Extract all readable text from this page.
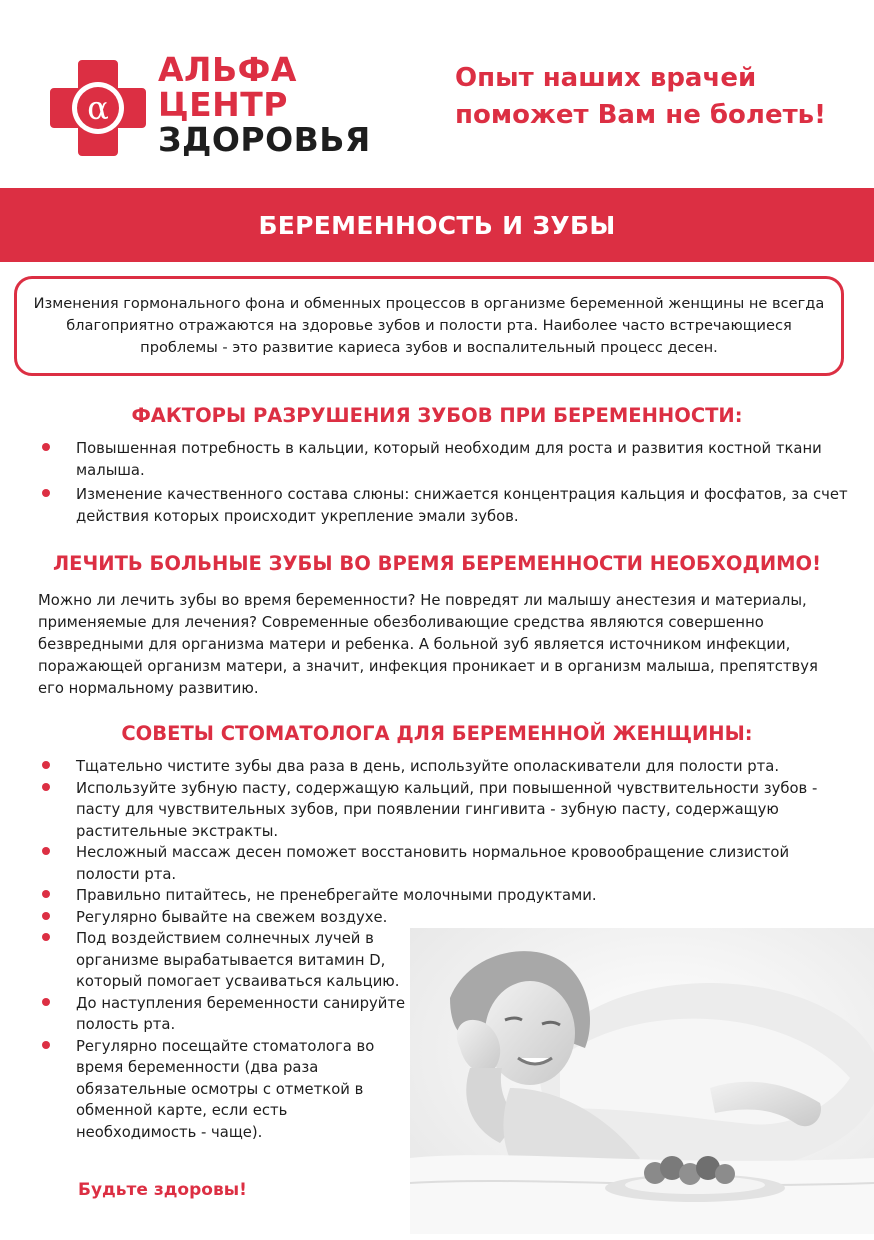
α
АЛЬФА
ЦЕНТР
ЗДОРОВЬЯ
Опыт наших врачей
поможет Вам не болеть!
БЕРЕМЕННОСТЬ И ЗУБЫ

Изменения гормонального фона и обменных процессов в организме беременной женщины не всегда благоприятно отражаются на здоровье зубов и полости рта. Наиболее часто встречающиеся проблемы - это развитие кариеса зубов и воспалительный процесс десен.

ФАКТОРЫ РАЗРУШЕНИЯ ЗУБОВ ПРИ БЕРЕМЕННОСТИ:
Повышенная потребность в кальции, который необходим для роста и развития костной ткани малыша.
Изменение качественного состава слюны: снижается концентрация кальция и фосфатов, за счет действия которых происходит укрепление эмали зубов.
ЛЕЧИТЬ БОЛЬНЫЕ ЗУБЫ ВО ВРЕМЯ БЕРЕМЕННОСТИ НЕОБХОДИМО!

Можно ли лечить зубы во время беременности? Не повредят ли малышу анестезия и материалы, применяемые для лечения? Современные обезболивающие средства являются совершенно безвредными для организма матери и ребенка. А больной зуб является источником инфекции, поражающей организм матери, а значит, инфекция проникает и в организм малыша, препятствуя его нормальному развитию.

СОВЕТЫ СТОМАТОЛОГА ДЛЯ БЕРЕМЕННОЙ ЖЕНЩИНЫ:
Тщательно чистите зубы два раза в день, используйте ополаскиватели для полости рта.
Используйте зубную пасту, содержащую кальций, при повышенной чувствительности зубов - пасту для чувствительных зубов, при появлении гингивита - зубную пасту, содержащую растительные экстракты.
Несложный массаж десен поможет восстановить нормальное кровообращение слизистой полости рта.
Правильно питайтесь, не пренебрегайте молочными продуктами.
Регулярно бывайте на свежем воздухе.
Под воздействием солнечных лучей в организме вырабатывается витамин D, который помогает усваиваться кальцию.
До наступления беременности санируйте полость рта.
Регулярно посещайте стоматолога во время беременности (два раза обязательные осмотры с отметкой в обменной карте, если есть необходимость - чаще).

Будьте здоровы!
